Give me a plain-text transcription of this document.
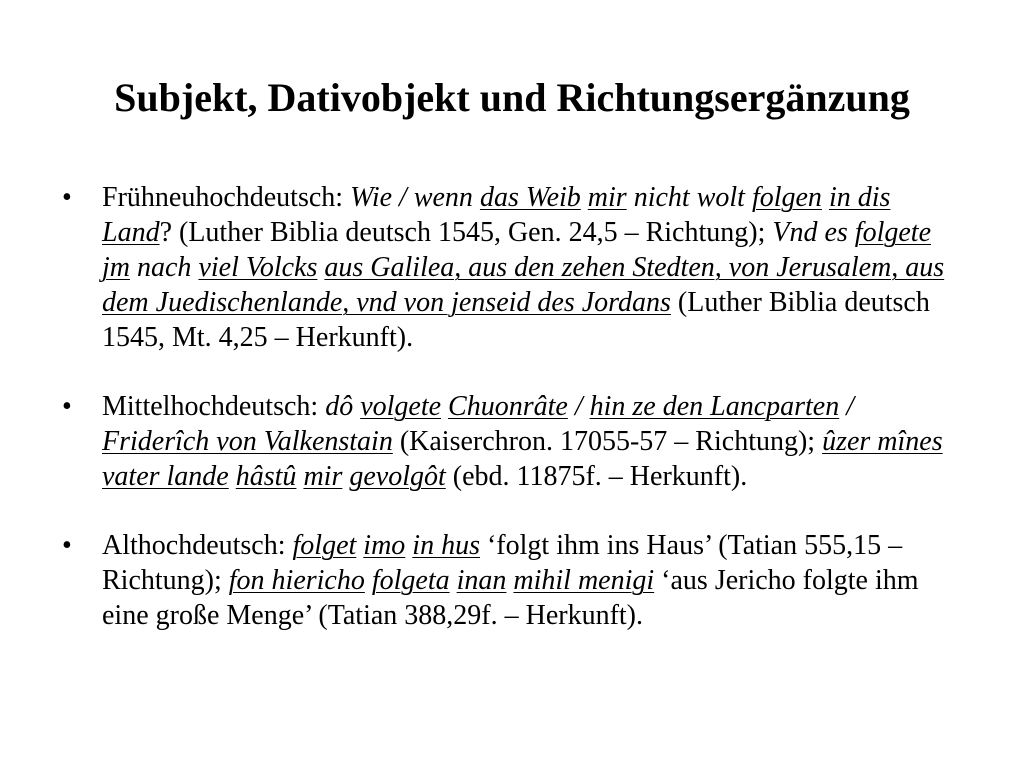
Subjekt, Dativobjekt und Richtungsergänzung
•
Frühneuhochdeutsch: Wie / wenn das Weib mir nicht wolt folgen in dis Land? (Luther Biblia deutsch 1545, Gen. 24,5 – Richtung); Vnd es folgete jm nach viel Volcks aus Galilea, aus den zehen Stedten, von Jerusalem, aus dem Juedischenlande, vnd von jenseid des Jordans (Luther Biblia deutsch 1545, Mt. 4,25 – Herkunft).
•
Mittelhochdeutsch: dô volgete Chuonrâte / hin ze den Lancparten / Friderîch von Valkenstain (Kaiserchron. 17055-57 – Richtung); ûzer mînes vater lande hâstû mir gevolgôt (ebd. 11875f. – Herkunft).
•
Althochdeutsch: folget imo in hus ‘folgt ihm ins Haus’ (Tatian 555,15 – Richtung); fon hiericho folgeta inan mihil menigi ‘aus Jericho folgte ihm eine große Menge’ (Tatian 388,29f. – Herkunft).
